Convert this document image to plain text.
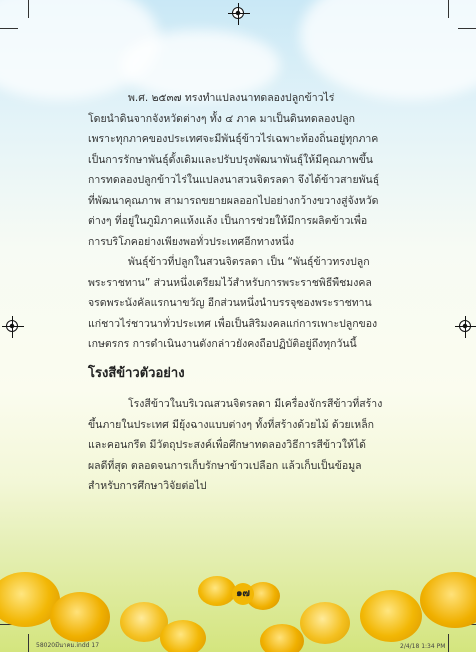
พ.ศ. ๒๕๓๗ ทรงทำแปลงนาทดลองปลูกข้าวไร่

โดยนำดินจากจังหวัดต่างๆ ทั้ง ๔ ภาค มาเป็นดินทดลองปลูก

เพราะทุกภาคของประเทศจะมีพันธุ์ข้าวไร่เฉพาะท้องถิ่นอยู่ทุกภาค

เป็นการรักษาพันธุ์ดั้งเดิมและปรับปรุงพัฒนาพันธุ์ให้มีคุณภาพขึ้น

การทดลองปลูกข้าวไร่ในแปลงนาสวนจิตรลดา จึงได้ข้าวสายพันธุ์

ที่พัฒนาคุณภาพ สามารถขยายผลออกไปอย่างกว้างขวางสู่จังหวัด

ต่างๆ ที่อยู่ในภูมิภาคแห้งแล้ง เป็นการช่วยให้มีการผลิตข้าวเพื่อ

การบริโภคอย่างเพียงพอทั่วประเทศอีกทางหนึ่ง

พันธุ์ข้าวที่ปลูกในสวนจิตรลดา เป็น “พันธุ์ข้าวทรงปลูก

พระราชทาน” ส่วนหนึ่งเตรียมไว้สำหรับการพระราชพิธีพืชมงคล

จรดพระนังคัลแรกนาขวัญ อีกส่วนหนึ่งนำบรรจุซองพระราชทาน

แก่ชาวไร่ชาวนาทั่วประเทศ เพื่อเป็นสิริมงคลแก่การเพาะปลูกของ

เกษตรกร การดำเนินงานดังกล่าวยังคงถือปฏิบัติอยู่ถึงทุกวันนี้

โรงสีข้าวตัวอย่าง

โรงสีข้าวในบริเวณสวนจิตรลดา มีเครื่องจักรสีข้าวที่สร้าง

ขึ้นภายในประเทศ มียุ้งฉางแบบต่างๆ ทั้งที่สร้างด้วยไม้ ด้วยเหล็ก

และคอนกรีต มีวัตถุประสงค์เพื่อศึกษาทดลองวิธีการสีข้าวให้ได้

ผลดีที่สุด ตลอดจนการเก็บรักษาข้าวเปลือก แล้วเก็บเป็นข้อมูล

สำหรับการศึกษาวิจัยต่อไป

๑๗
58020มีนาคม.indd 17	2/4/18 1:34 PM
